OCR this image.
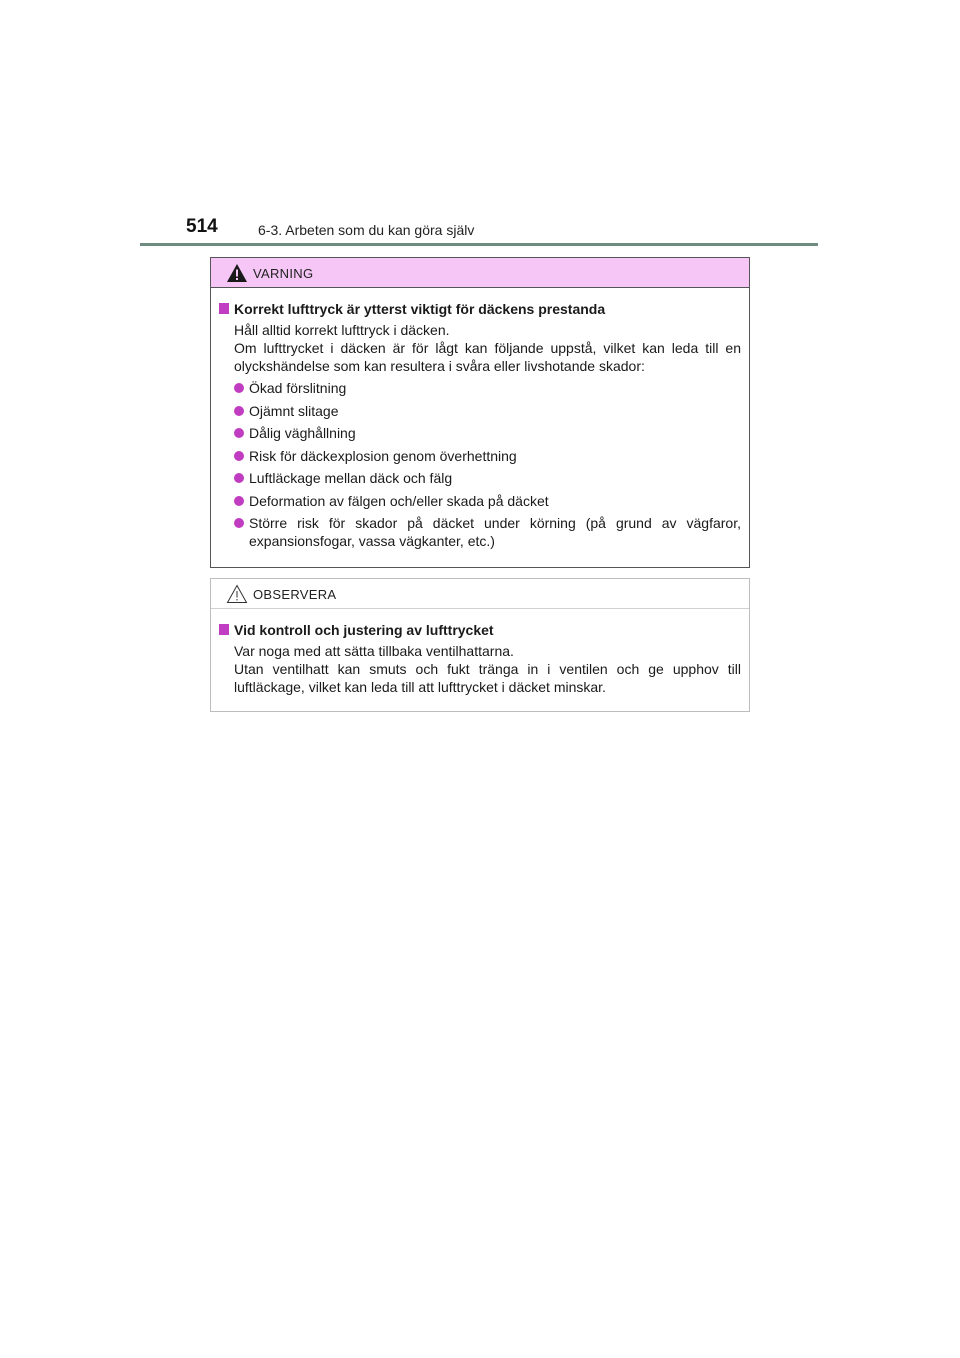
514	6-3. Arbeten som du kan göra själv
VARNING
Korrekt lufttryck är ytterst viktigt för däckens prestanda
Håll alltid korrekt lufttryck i däcken.
Om lufttrycket i däcken är för lågt kan följande uppstå, vilket kan leda till en olyckshändelse som kan resultera i svåra eller livshotande skador:
Ökad förslitning
Ojämnt slitage
Dålig väghållning
Risk för däckexplosion genom överhettning
Luftläckage mellan däck och fälg
Deformation av fälgen och/eller skada på däcket
Större risk för skador på däcket under körning (på grund av vägfaror, expansionsfogar, vassa vägkanter, etc.)
OBSERVERA
Vid kontroll och justering av lufttrycket
Var noga med att sätta tillbaka ventilhattarna.
Utan ventilhatt kan smuts och fukt tränga in i ventilen och ge upphov till luftläckage, vilket kan leda till att lufttrycket i däcket minskar.
